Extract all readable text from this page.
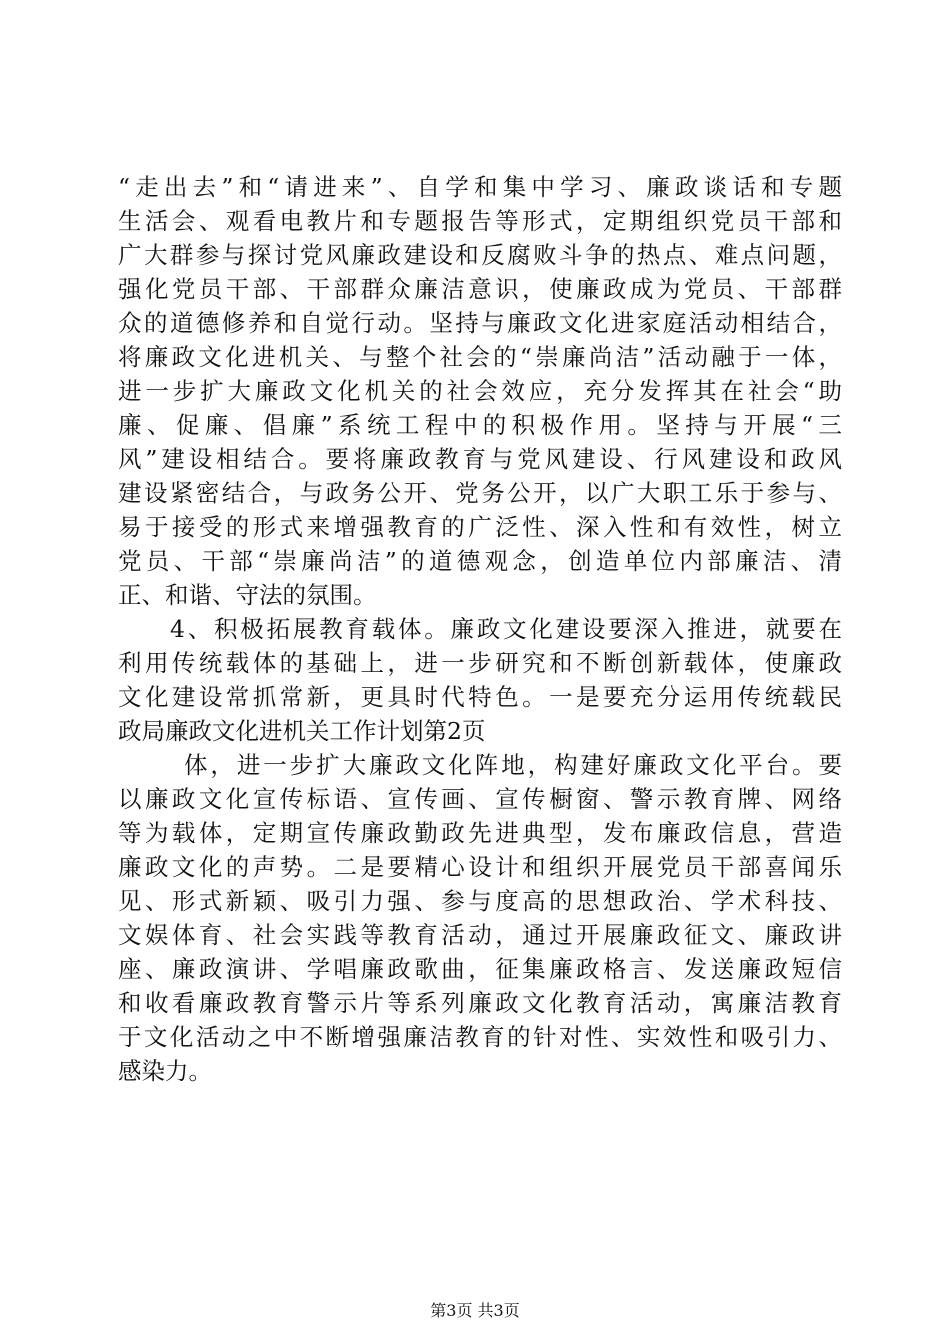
“走出去”和“请进来”、自学和集中学习、廉政谈话和专题
生活会、观看电教片和专题报告等形式，定期组织党员干部和
广大群参与探讨党风廉政建设和反腐败斗争的热点、难点问题，
强化党员干部、干部群众廉洁意识，使廉政成为党员、干部群
众的道德修养和自觉行动。坚持与廉政文化进家庭活动相结合，
将廉政文化进机关、与整个社会的“崇廉尚洁”活动融于一体，
进一步扩大廉政文化机关的社会效应，充分发挥其在社会“助
廉、促廉、倡廉”系统工程中的积极作用。坚持与开展“三
风”建设相结合。要将廉政教育与党风建设、行风建设和政风
建设紧密结合，与政务公开、党务公开，以广大职工乐于参与、
易于接受的形式来增强教育的广泛性、深入性和有效性，树立
党员、干部“崇廉尚洁”的道德观念，创造单位内部廉洁、清
正、和谐、守法的氛围。
4、积极拓展教育载体。廉政文化建设要深入推进，就要在
利用传统载体的基础上，进一步研究和不断创新载体，使廉政
文化建设常抓常新，更具时代特色。一是要充分运用传统载民
政局廉政文化进机关工作计划第2页
体，进一步扩大廉政文化阵地，构建好廉政文化平台。要
以廉政文化宣传标语、宣传画、宣传橱窗、警示教育牌、网络
等为载体，定期宣传廉政勤政先进典型，发布廉政信息，营造
廉政文化的声势。二是要精心设计和组织开展党员干部喜闻乐
见、形式新颖、吸引力强、参与度高的思想政治、学术科技、
文娱体育、社会实践等教育活动，通过开展廉政征文、廉政讲
座、廉政演讲、学唱廉政歌曲，征集廉政格言、发送廉政短信
和收看廉政教育警示片等系列廉政文化教育活动，寓廉洁教育
于文化活动之中不断增强廉洁教育的针对性、实效性和吸引力、
感染力。
第3页 共3页
